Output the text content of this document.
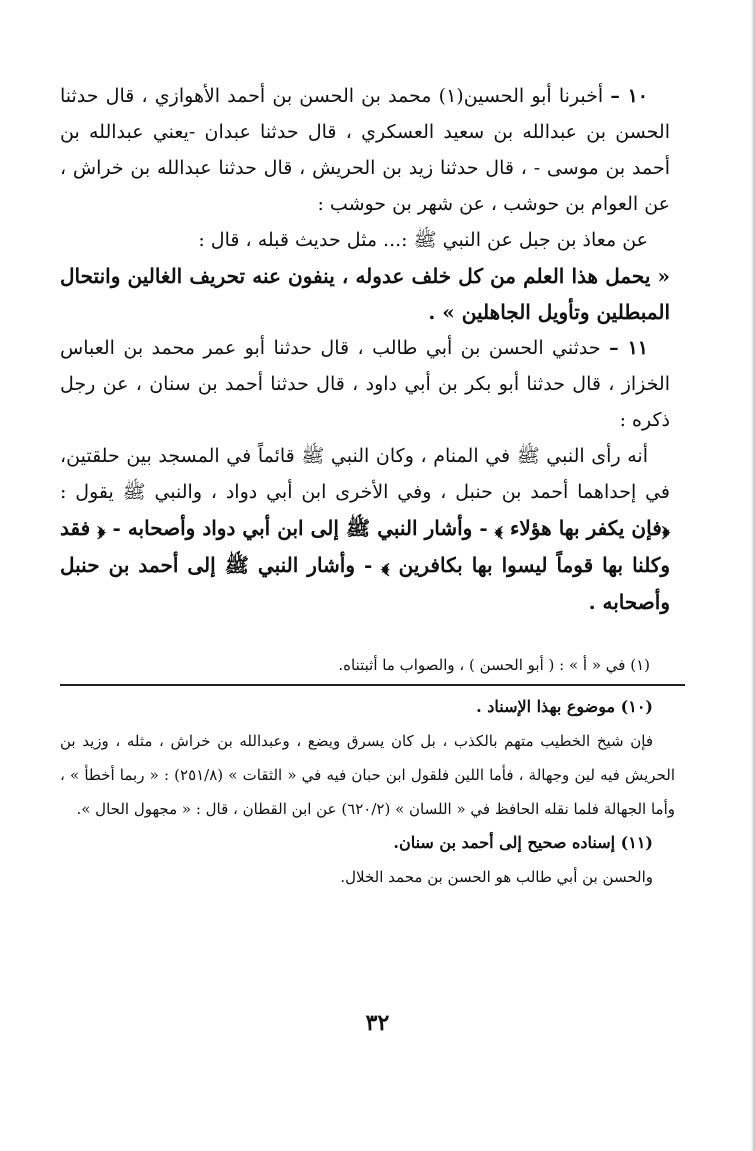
١٠ – أخبرنا أبو الحسين(١) محمد بن الحسن بن أحمد الأهوازي ، قال حدثنا الحسن بن عبدالله بن سعيد العسكري ، قال حدثنا عبدان -يعني عبدالله بن أحمد بن موسى - ، قال حدثنا زيد بن الحريش ، قال حدثنا عبدالله بن خراش ، عن العوام بن حوشب ، عن شهر بن حوشب :

عن معاذ بن جبل عن النبي ﷺ :... مثل حديث قبله ، قال :

« يحمل هذا العلم من كل خلف عدوله ، ينفون عنه تحريف الغالين وانتحال المبطلين وتأويل الجاهلين » .

١١ – حدثني الحسن بن أبي طالب ، قال حدثنا أبو عمر محمد بن العباس الخزاز ، قال حدثنا أبو بكر بن أبي داود ، قال حدثنا أحمد بن سنان ، عن رجل ذكره :

أنه رأى النبي ﷺ في المنام ، وكان النبي ﷺ قائماً في المسجد بين حلقتين، في إحداهما أحمد بن حنبل ، وفي الأخرى ابن أبي دواد ، والنبي ﷺ يقول : ﴿فإن يكفر بها هؤلاء ﴾ - وأشار النبي ﷺ إلى ابن أبي دواد وأصحابه - ﴿ فقد وكلنا بها قوماً ليسوا بها بكافرين ﴾ - وأشار النبي ﷺ إلى أحمد بن حنبل وأصحابه .

(١) في « أ » : ( أبو الحسن ) ، والصواب ما أثبتناه.

(١٠) موضوع بهذا الإسناد .

فإن شيخ الخطيب متهم بالكذب ، بل كان يسرق ويضع ، وعبدالله بن خراش ، مثله ، وزيد بن الحريش فيه لين وجهالة ، فأما اللين فلقول ابن حبان فيه في « الثقات » (٢٥١/٨) : « ربما أخطأ » ، وأما الجهالة فلما نقله الحافظ في « اللسان » (٦٢٠/٢) عن ابن القطان ، قال : « مجهول الحال ».

(١١) إسناده صحيح إلى أحمد بن سنان.

والحسن بن أبي طالب هو الحسن بن محمد الخلال.

٣٢
